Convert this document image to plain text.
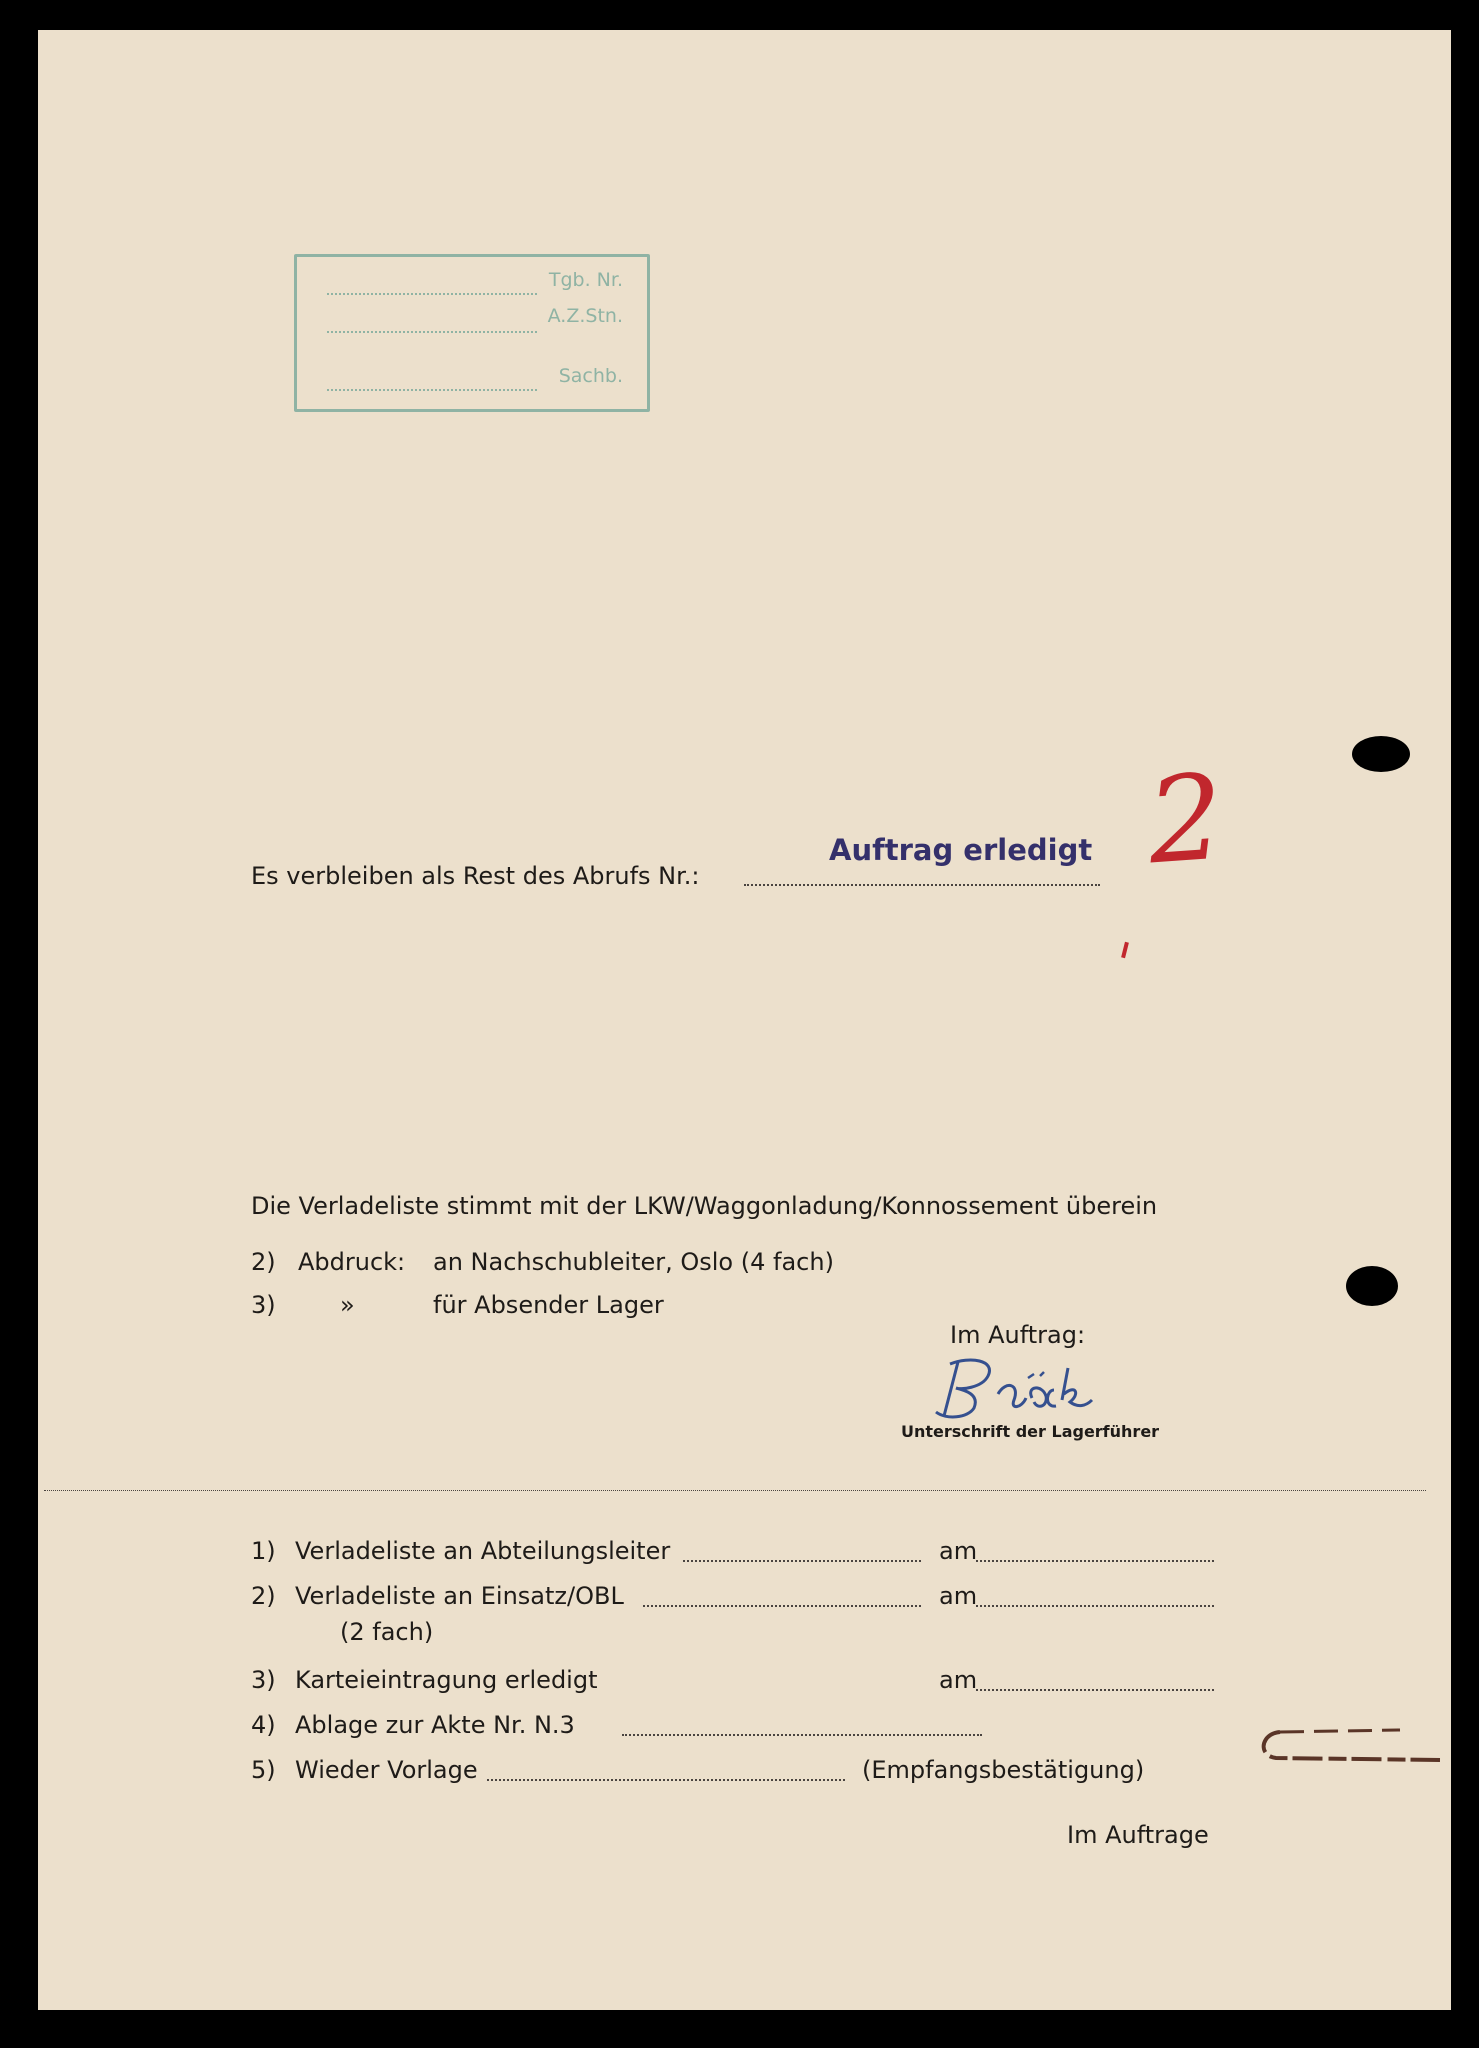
Tgb. Nr.
A.Z.Stn.
Sachb.
Es verbleiben als Rest des Abrufs Nr.:
Auftrag erledigt 2
Die Verladeliste stimmt mit der LKW/Waggonladung/Konnossement überein
2) Abdruck: an Nachschubleiter, Oslo (4 fach)
3)	»	für Absender Lager
Im Auftrag:
Unterschrift der Lagerführer
1) Verladeliste an Abteilungsleiter	am
2) Verladeliste an Einsatz/OBL	am
(2 fach)
3) Karteieintragung erledigt	am
4) Ablage zur Akte Nr. N.3
5) Wieder Vorlage	(Empfangsbestätigung)
Im Auftrage
